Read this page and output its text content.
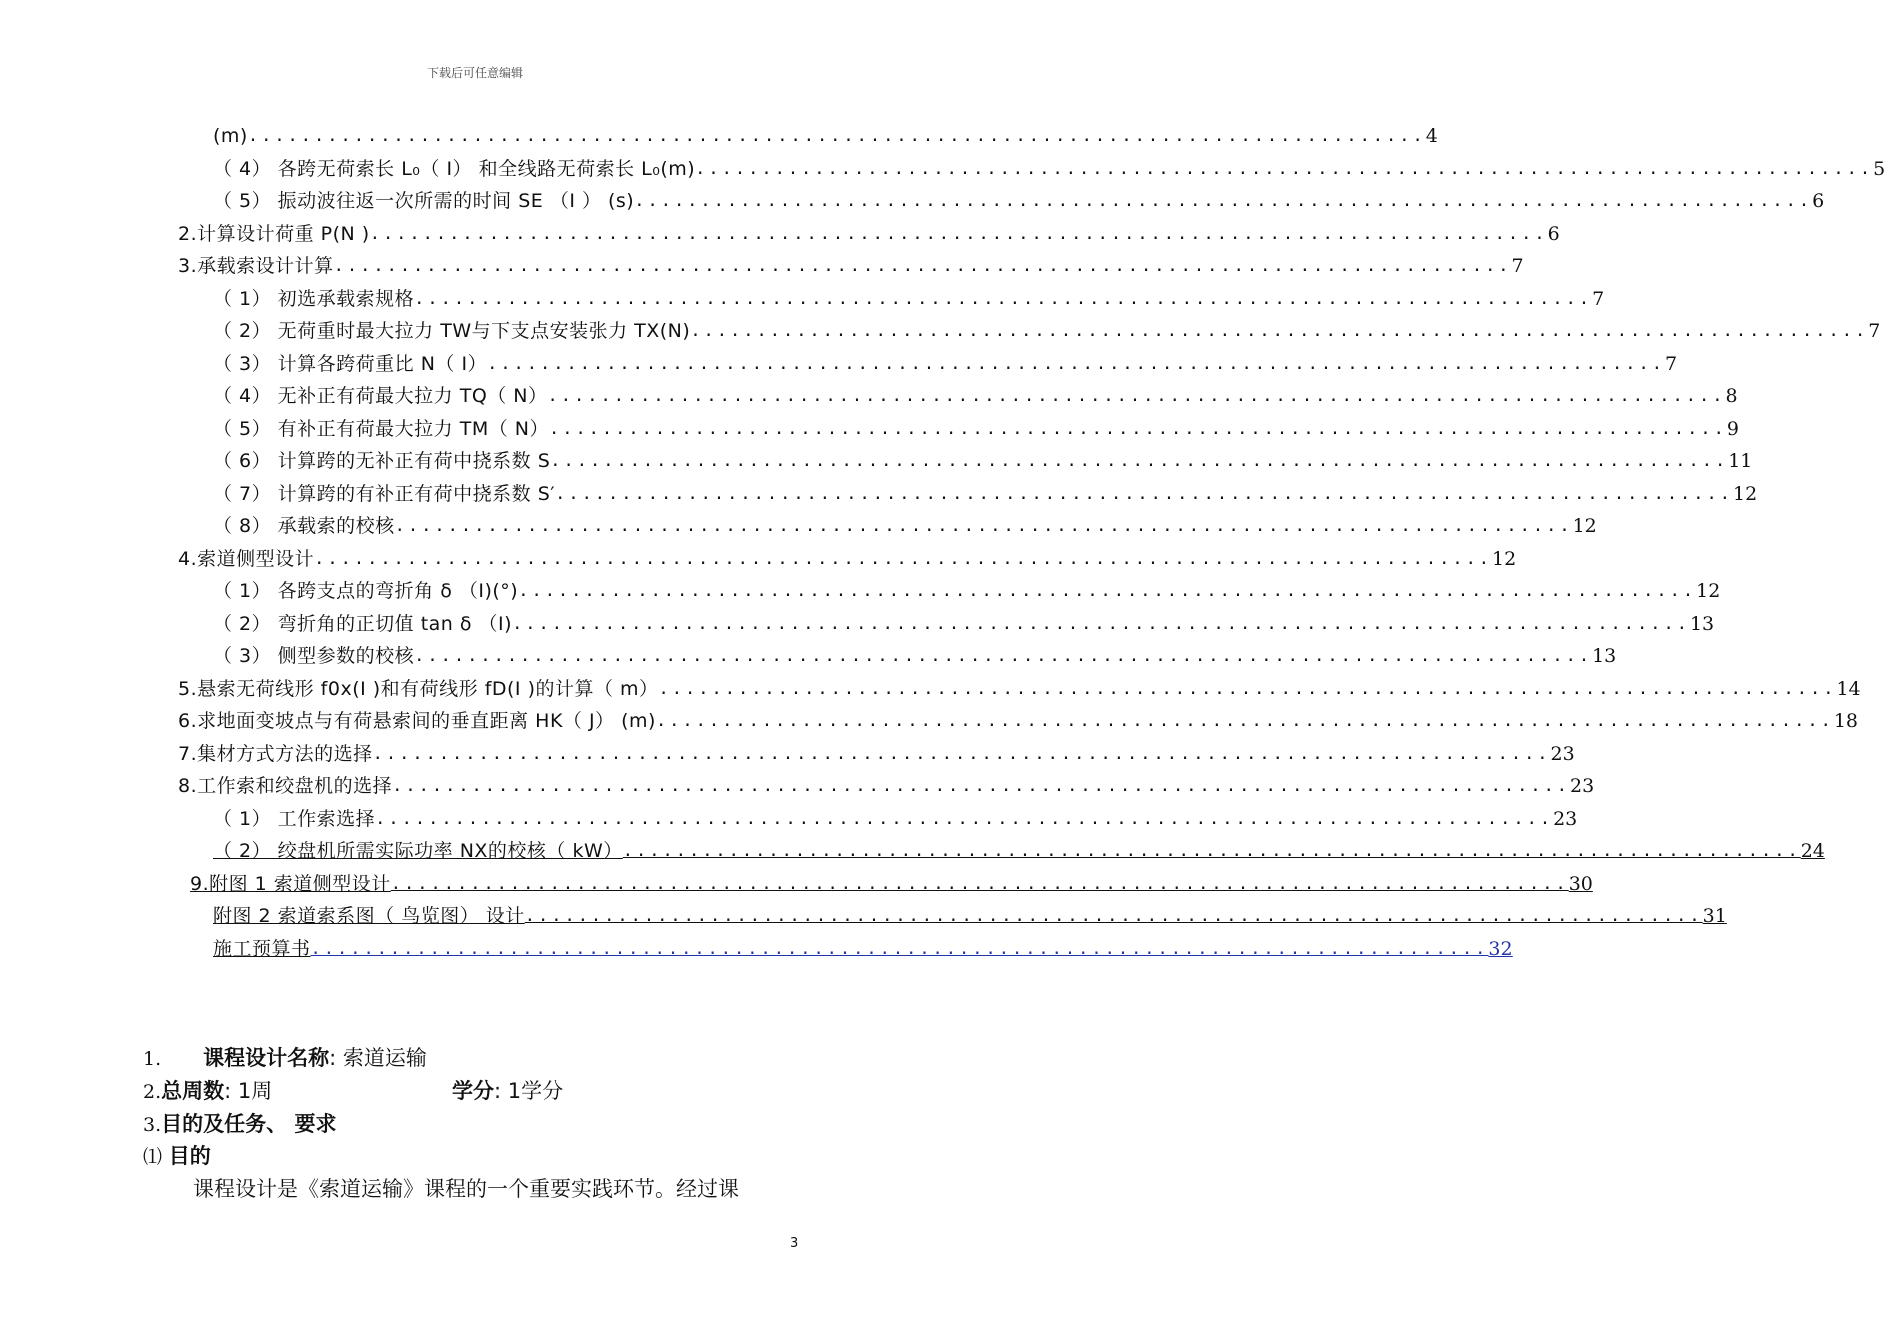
下载后可任意编辑
(m) ......................................................................................... 4
（ 4） 各跨无荷索长 L₀（ I） 和全线路无荷索长 L₀(m) ......................................................................................... 5
（ 5） 振动波往返一次所需的时间 SE （I ） (s) ......................................................................................... 6
2.计算设计荷重 P(N ) ......................................................................................... 6
3.承载索设计计算 ......................................................................................... 7
（ 1） 初选承载索规格 ......................................................................................... 7
（ 2） 无荷重时最大拉力 TW与下支点安装张力 TX(N) ......................................................................................... 7
（ 3） 计算各跨荷重比 N（ I） ......................................................................................... 7
（ 4） 无补正有荷最大拉力 TQ（ N） ......................................................................................... 8
（ 5） 有补正有荷最大拉力 TM（ N） ......................................................................................... 9
（ 6） 计算跨的无补正有荷中挠系数 S ......................................................................................... 11
（ 7） 计算跨的有补正有荷中挠系数 S′ ......................................................................................... 12
（ 8） 承载索的校核 ......................................................................................... 12
4.索道侧型设计 ......................................................................................... 12
（ 1） 各跨支点的弯折角 δ （I)(°) ......................................................................................... 12
（ 2） 弯折角的正切值 tan δ （I) ......................................................................................... 13
（ 3） 侧型参数的校核 ......................................................................................... 13
5.悬索无荷线形 f0x(I )和有荷线形 fD(I )的计算（ m） ......................................................................................... 14
6.求地面变坡点与有荷悬索间的垂直距离 HK（ J） (m) ......................................................................................... 18
7.集材方式方法的选择 ......................................................................................... 23
8.工作索和绞盘机的选择 ......................................................................................... 23
（ 1） 工作索选择 ......................................................................................... 23
（ 2） 绞盘机所需实际功率 NX的校核（ kW） ......................................................................................... 24
9.附图 1 索道侧型设计 ......................................................................................... 30
附图 2 索道索系图（ 鸟览图） 设计 ......................................................................................... 31
施工预算书 ......................................................................................... 32
1. 课程设计名称: 索道运输
2.总周数: 1周	学分: 1学分
3.目的及任务、 要求
⑴ 目的
课程设计是《索道运输》课程的一个重要实践环节。经过课
3
